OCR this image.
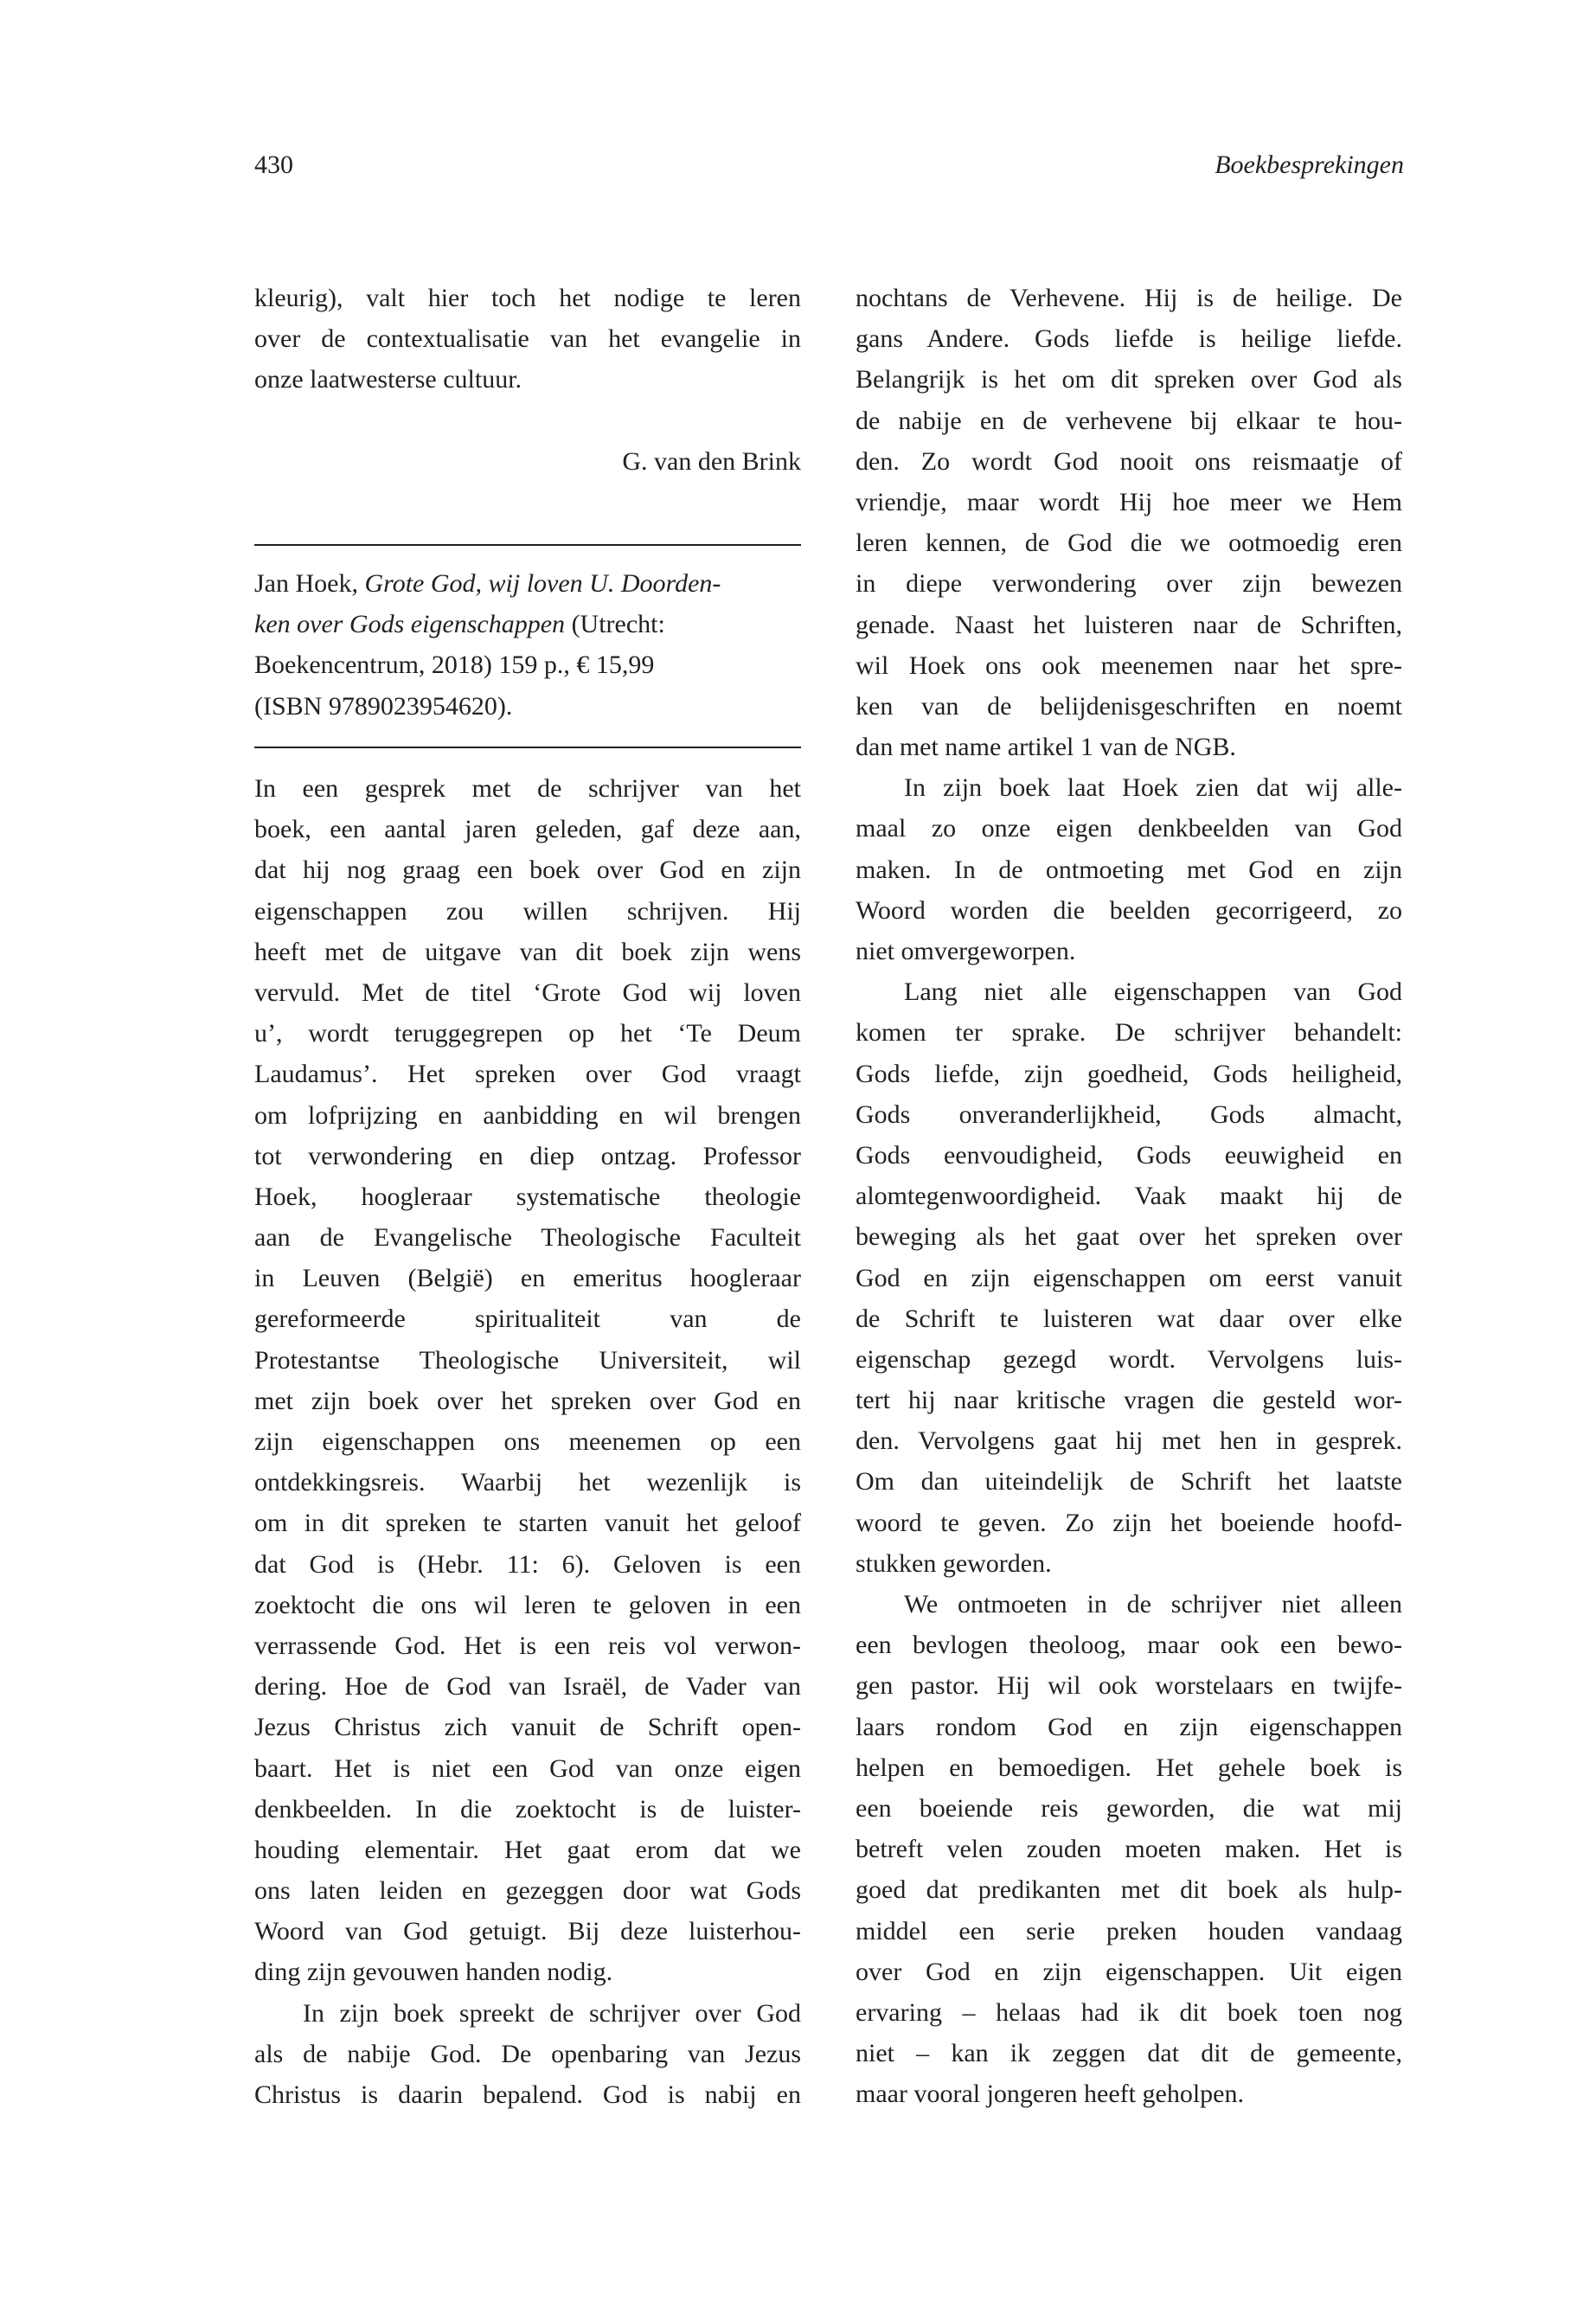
430	Boekbesprekingen
kleurig), valt hier toch het nodige te leren
over de contextualisatie van het evangelie in
onze laatwesterse cultuur.
G. van den Brink
Jan Hoek, Grote God, wij loven U. Doorden-
ken over Gods eigenschappen (Utrecht:
Boekencentrum, 2018) 159 p., € 15,99
(ISBN 9789023954620).
In een gesprek met de schrijver van het
boek, een aantal jaren geleden, gaf deze aan,
dat hij nog graag een boek over God en zijn
eigenschappen zou willen schrijven. Hij
heeft met de uitgave van dit boek zijn wens
vervuld. Met de titel ‘Grote God wij loven
u’, wordt teruggegrepen op het ‘Te Deum
Laudamus’. Het spreken over God vraagt
om lofprijzing en aanbidding en wil brengen
tot verwondering en diep ontzag. Professor
Hoek, hoogleraar systematische theologie
aan de Evangelische Theologische Faculteit
in Leuven (België) en emeritus hoogleraar
gereformeerde spiritualiteit van de
Protestantse Theologische Universiteit, wil
met zijn boek over het spreken over God en
zijn eigenschappen ons meenemen op een
ontdekkingsreis. Waarbij het wezenlijk is
om in dit spreken te starten vanuit het geloof
dat God is (Hebr. 11: 6). Geloven is een
zoektocht die ons wil leren te geloven in een
verrassende God. Het is een reis vol verwon-
dering. Hoe de God van Israël, de Vader van
Jezus Christus zich vanuit de Schrift open-
baart. Het is niet een God van onze eigen
denkbeelden. In die zoektocht is de luister-
houding elementair. Het gaat erom dat we
ons laten leiden en gezeggen door wat Gods
Woord van God getuigt. Bij deze luisterhou-
ding zijn gevouwen handen nodig.
In zijn boek spreekt de schrijver over God
als de nabije God. De openbaring van Jezus
Christus is daarin bepalend. God is nabij en
nochtans de Verhevene. Hij is de heilige. De
gans Andere. Gods liefde is heilige liefde.
Belangrijk is het om dit spreken over God als
de nabije en de verhevene bij elkaar te hou-
den. Zo wordt God nooit ons reismaatje of
vriendje, maar wordt Hij hoe meer we Hem
leren kennen, de God die we ootmoedig eren
in diepe verwondering over zijn bewezen
genade. Naast het luisteren naar de Schriften,
wil Hoek ons ook meenemen naar het spre-
ken van de belijdenisgeschriften en noemt
dan met name artikel 1 van de NGB.
In zijn boek laat Hoek zien dat wij alle-
maal zo onze eigen denkbeelden van God
maken. In de ontmoeting met God en zijn
Woord worden die beelden gecorrigeerd, zo
niet omvergeworpen.
Lang niet alle eigenschappen van God
komen ter sprake. De schrijver behandelt:
Gods liefde, zijn goedheid, Gods heiligheid,
Gods onveranderlijkheid, Gods almacht,
Gods eenvoudigheid, Gods eeuwigheid en
alomtegenwoordigheid. Vaak maakt hij de
beweging als het gaat over het spreken over
God en zijn eigenschappen om eerst vanuit
de Schrift te luisteren wat daar over elke
eigenschap gezegd wordt. Vervolgens luis-
tert hij naar kritische vragen die gesteld wor-
den. Vervolgens gaat hij met hen in gesprek.
Om dan uiteindelijk de Schrift het laatste
woord te geven. Zo zijn het boeiende hoofd-
stukken geworden.
We ontmoeten in de schrijver niet alleen
een bevlogen theoloog, maar ook een bewo-
gen pastor. Hij wil ook worstelaars en twijfe-
laars rondom God en zijn eigenschappen
helpen en bemoedigen. Het gehele boek is
een boeiende reis geworden, die wat mij
betreft velen zouden moeten maken. Het is
goed dat predikanten met dit boek als hulp-
middel een serie preken houden vandaag
over God en zijn eigenschappen. Uit eigen
ervaring – helaas had ik dit boek toen nog
niet – kan ik zeggen dat dit de gemeente,
maar vooral jongeren heeft geholpen.
